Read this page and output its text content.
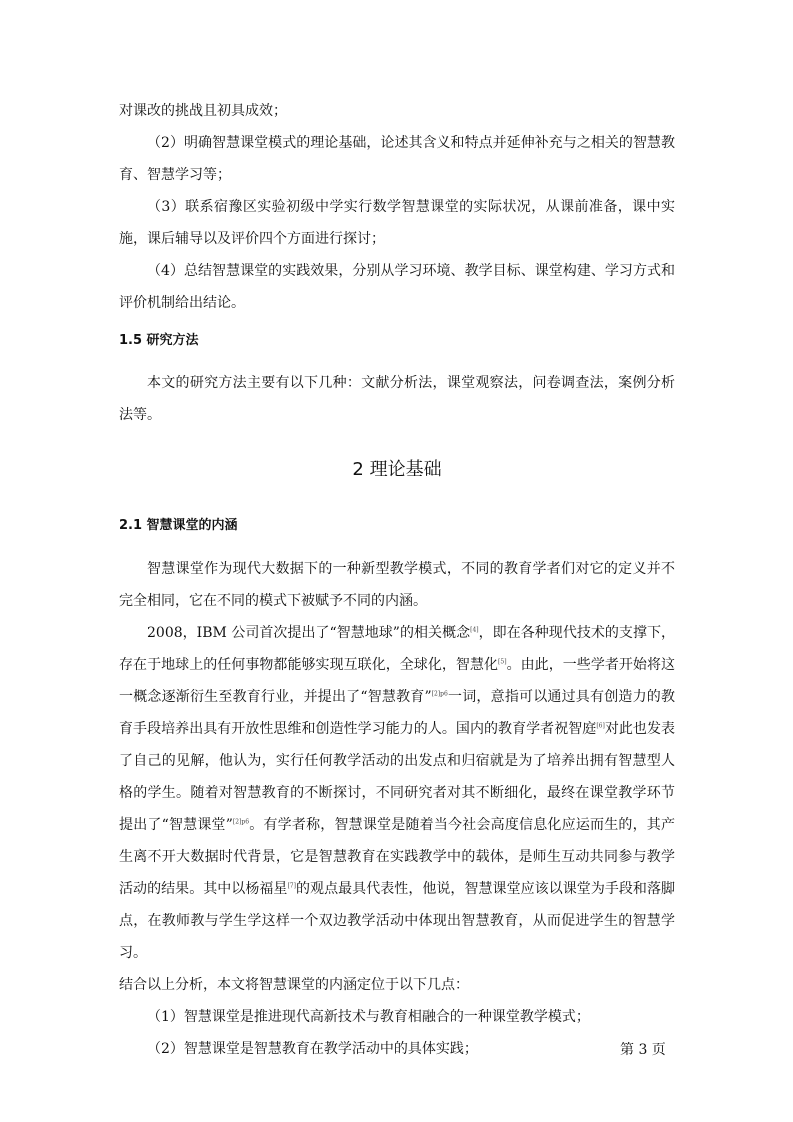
对课改的挑战且初具成效；

（2）明确智慧课堂模式的理论基础，论述其含义和特点并延伸补充与之相关的智慧教育、智慧学习等；

（3）联系宿豫区实验初级中学实行数学智慧课堂的实际状况，从课前准备，课中实施，课后辅导以及评价四个方面进行探讨；

（4）总结智慧课堂的实践效果，分别从学习环境、教学目标、课堂构建、学习方式和评价机制给出结论。

1.5 研究方法

本文的研究方法主要有以下几种：文献分析法，课堂观察法，问卷调查法，案例分析法等。

2 理论基础

2.1 智慧课堂的内涵

智慧课堂作为现代大数据下的一种新型教学模式，不同的教育学者们对它的定义并不完全相同，它在不同的模式下被赋予不同的内涵。

2008，IBM 公司首次提出了“智慧地球”的相关概念[4]，即在各种现代技术的支撑下，存在于地球上的任何事物都能够实现互联化，全球化，智慧化[5]。由此，一些学者开始将这一概念逐渐衍生至教育行业，并提出了“智慧教育”$^{[2]p6}$一词，意指可以通过具有创造力的教育手段培养出具有开放性思维和创造性学习能力的人。国内的教育学者祝智庭[6]对此也发表了自己的见解，他认为，实行任何教学活动的出发点和归宿就是为了培养出拥有智慧型人格的学生。随着对智慧教育的不断探讨，不同研究者对其不断细化，最终在课堂教学环节提出了“智慧课堂”$^{[2]p6}$。有学者称，智慧课堂是随着当今社会高度信息化应运而生的，其产生离不开大数据时代背景，它是智慧教育在实践教学中的载体，是师生互动共同参与教学活动的结果。其中以杨福星[7]的观点最具代表性，他说，智慧课堂应该以课堂为手段和落脚点，在教师教与学生学这样一个双边教学活动中体现出智慧教育，从而促进学生的智慧学习。

结合以上分析，本文将智慧课堂的内涵定位于以下几点：

（1）智慧课堂是推进现代高新技术与教育相融合的一种课堂教学模式；

（2）智慧课堂是智慧教育在教学活动中的具体实践；	第 3 页
